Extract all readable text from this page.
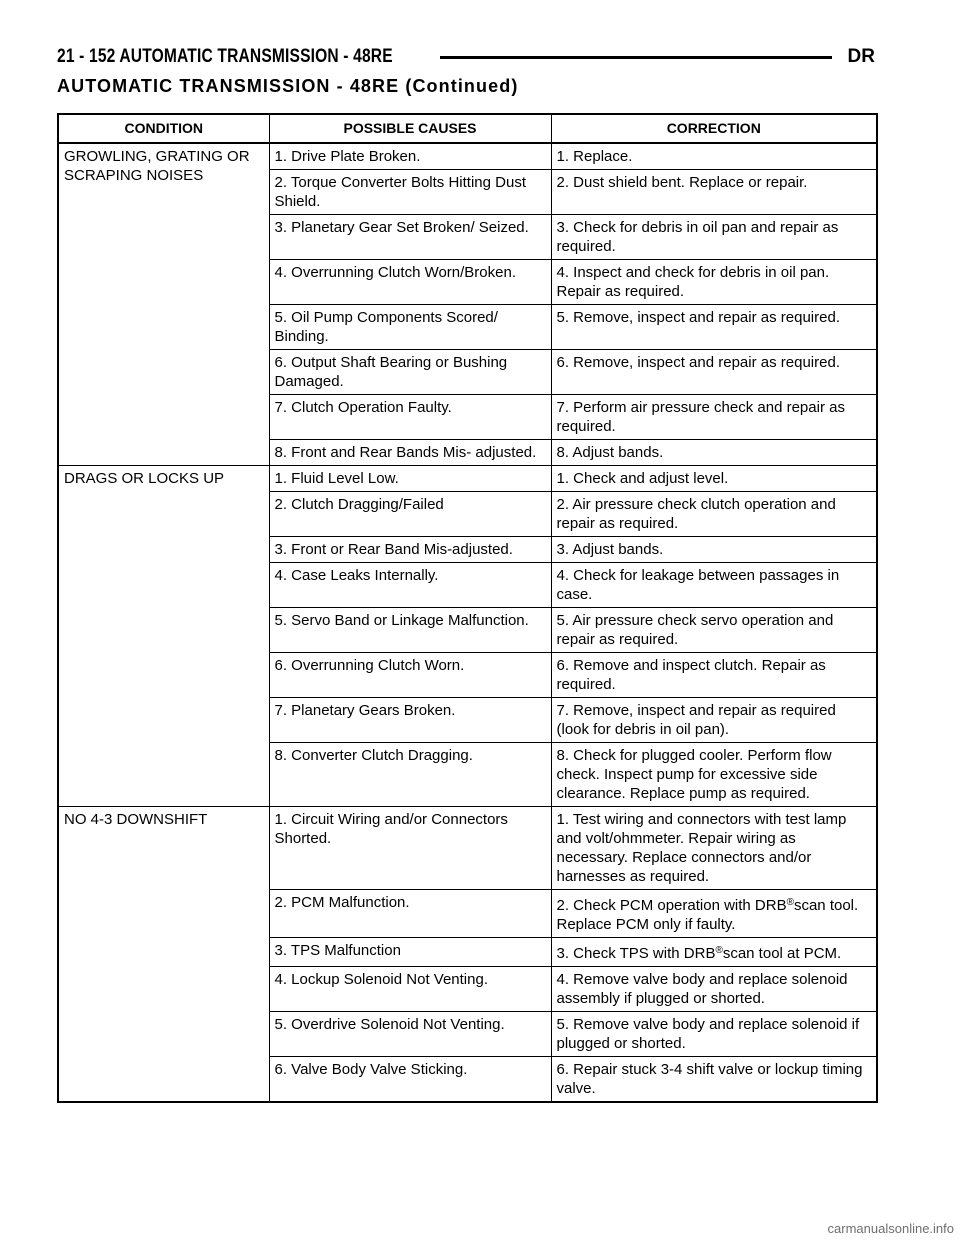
21 - 152 AUTOMATIC TRANSMISSION - 48RE	DR
AUTOMATIC TRANSMISSION - 48RE (Continued)
CONDITION	POSSIBLE CAUSES	CORRECTION
GROWLING, GRATING OR SCRAPING NOISES	1. Drive Plate Broken.	1. Replace.
	2. Torque Converter Bolts Hitting Dust Shield.	2. Dust shield bent. Replace or repair.
	3. Planetary Gear Set Broken/ Seized.	3. Check for debris in oil pan and repair as required.
	4. Overrunning Clutch Worn/Broken.	4. Inspect and check for debris in oil pan. Repair as required.
	5. Oil Pump Components Scored/ Binding.	5. Remove, inspect and repair as required.
	6. Output Shaft Bearing or Bushing Damaged.	6. Remove, inspect and repair as required.
	7. Clutch Operation Faulty.	7. Perform air pressure check and repair as required.
	8. Front and Rear Bands Mis- adjusted.	8. Adjust bands.
DRAGS OR LOCKS UP	1. Fluid Level Low.	1. Check and adjust level.
	2. Clutch Dragging/Failed	2. Air pressure check clutch operation and repair as required.
	3. Front or Rear Band Mis-adjusted.	3. Adjust bands.
	4. Case Leaks Internally.	4. Check for leakage between passages in case.
	5. Servo Band or Linkage Malfunction.	5. Air pressure check servo operation and repair as required.
	6. Overrunning Clutch Worn.	6. Remove and inspect clutch. Repair as required.
	7. Planetary Gears Broken.	7. Remove, inspect and repair as required (look for debris in oil pan).
	8. Converter Clutch Dragging.	8. Check for plugged cooler. Perform flow check. Inspect pump for excessive side clearance. Replace pump as required.
NO 4-3 DOWNSHIFT	1. Circuit Wiring and/or Connectors Shorted.	1. Test wiring and connectors with test lamp and volt/ohmmeter. Repair wiring as necessary. Replace connectors and/or harnesses as required.
	2. PCM Malfunction.	2. Check PCM operation with DRB®scan tool. Replace PCM only if faulty.
	3. TPS Malfunction	3. Check TPS with DRB®scan tool at PCM.
	4. Lockup Solenoid Not Venting.	4. Remove valve body and replace solenoid assembly if plugged or shorted.
	5. Overdrive Solenoid Not Venting.	5. Remove valve body and replace solenoid if plugged or shorted.
	6. Valve Body Valve Sticking.	6. Repair stuck 3-4 shift valve or lockup timing valve.
carmanualsonline.info
